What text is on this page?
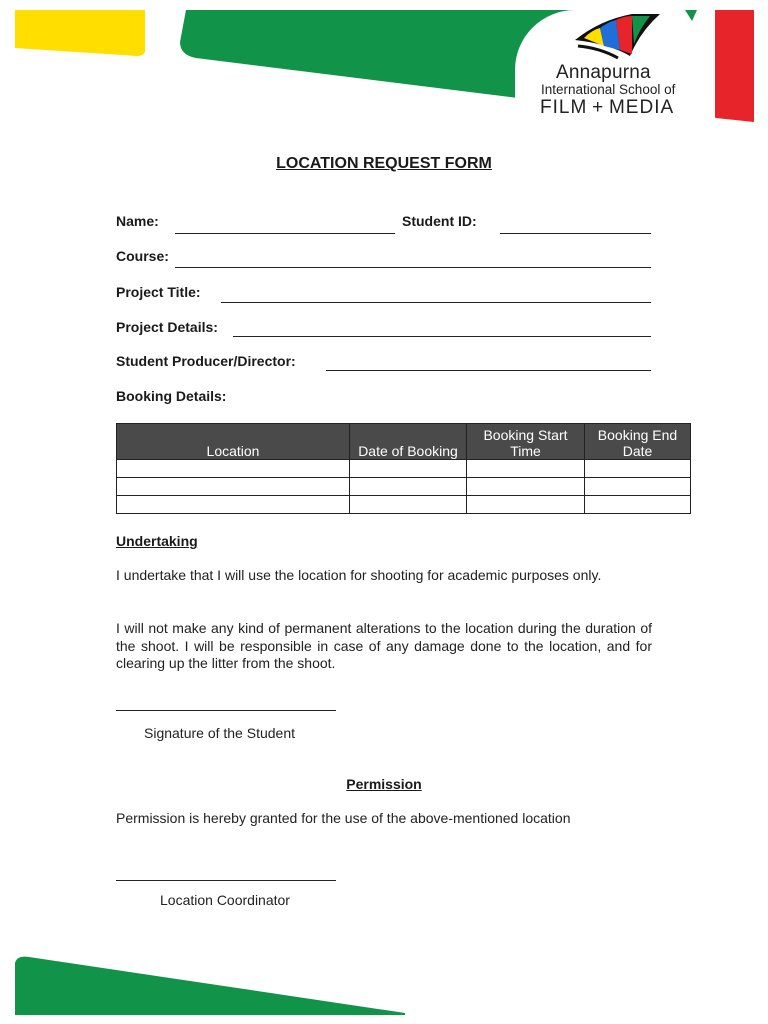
Annapurna
International School of
FILM + MEDIA
LOCATION REQUEST FORM
Name:	Student ID:
Course:
Project Title:
Project Details:
Student Producer/Director:
Booking Details:
Location	Date of Booking	Booking Start Time	Booking End Date

Undertaking
I undertake that I will use the location for shooting for academic purposes only.
I will not make any kind of permanent alterations to the location during the duration of the shoot. I will be responsible in case of any damage done to the location, and for clearing up the litter from the shoot.
Signature of the Student
Permission
Permission is hereby granted for the use of the above-mentioned location
Location Coordinator
